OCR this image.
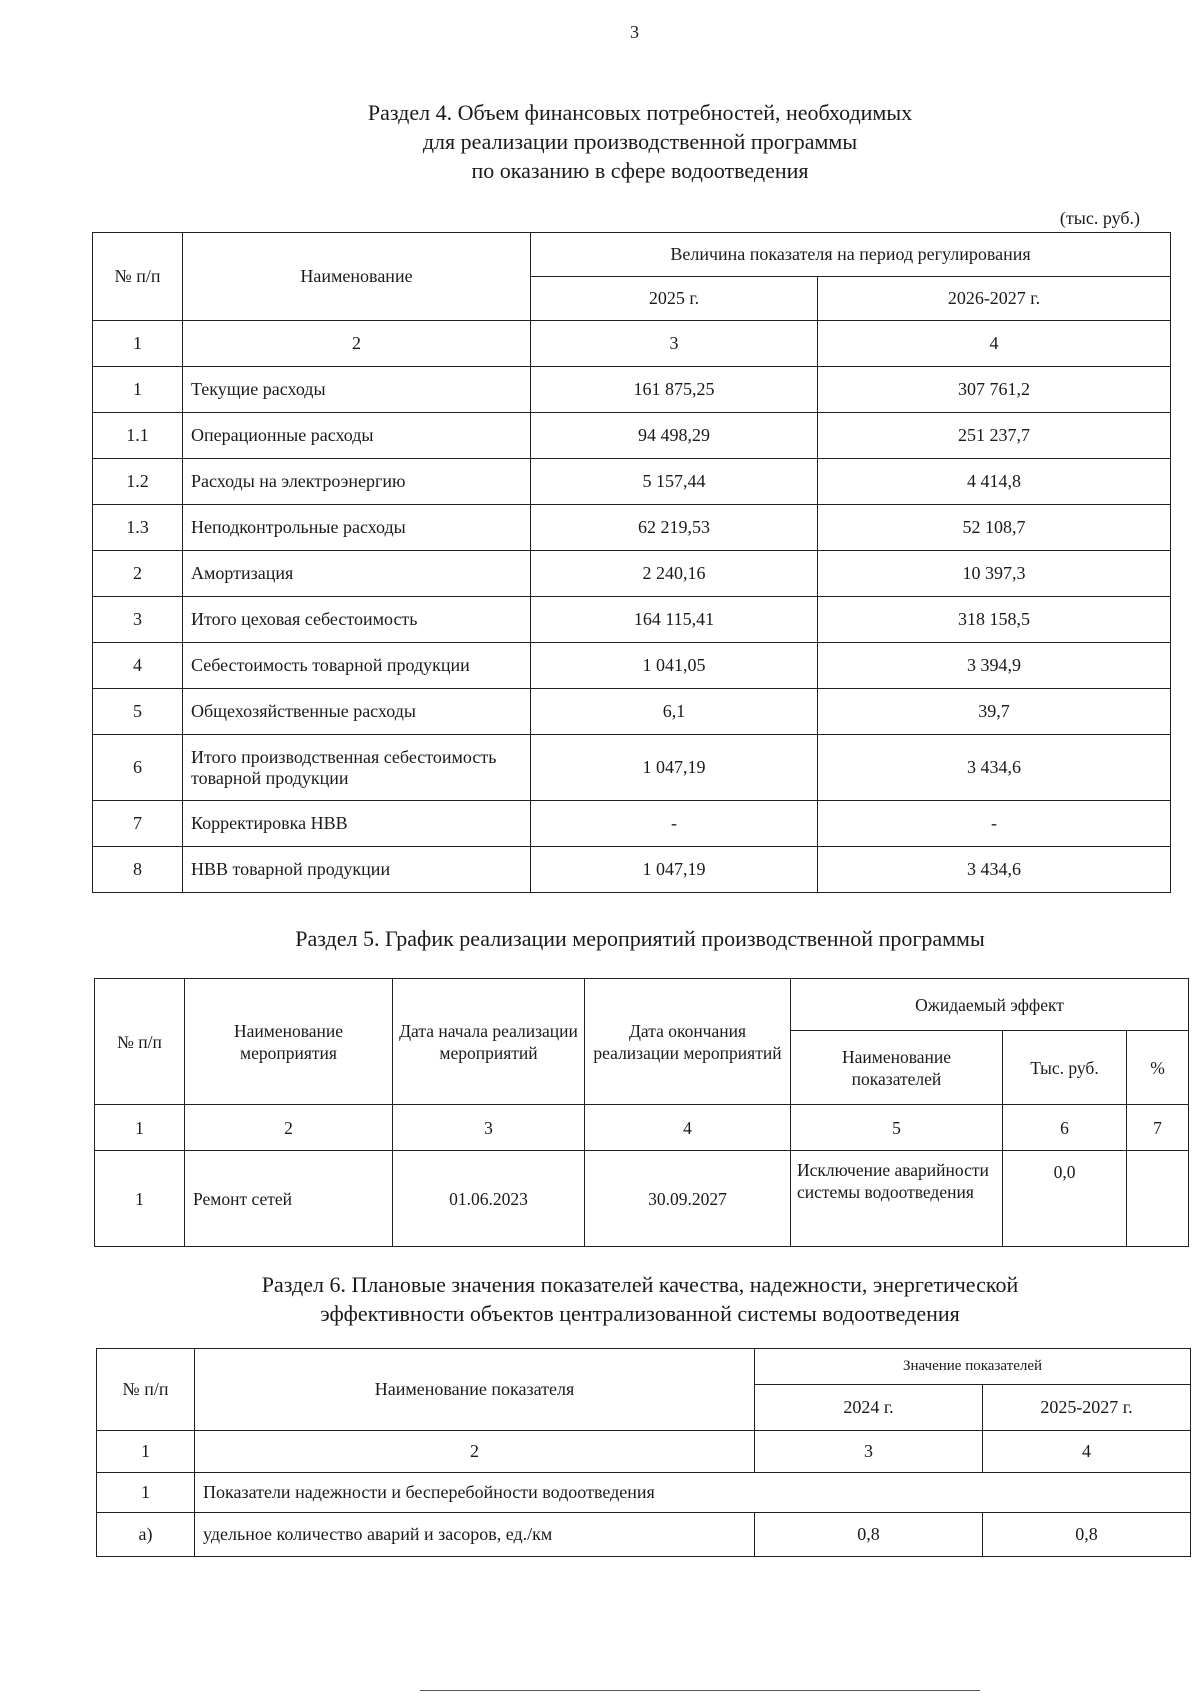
3
Раздел 4. Объем финансовых потребностей, необходимых
для реализации производственной программы
по оказанию в сфере водоотведения
(тыс. руб.)
№ п/п	Наименование	Величина показателя на период регулирования	
		2025 г.	2026-2027 г.
1	2	3	4
1	Текущие расходы	161 875,25	307 761,2
1.1	Операционные расходы	94 498,29	251 237,7
1.2	Расходы на электроэнергию	5 157,44	4 414,8
1.3	Неподконтрольные расходы	62 219,53	52 108,7
2	Амортизация	2 240,16	10 397,3
3	Итого цеховая себестоимость	164 115,41	318 158,5
4	Себестоимость товарной продукции	1 041,05	3 394,9
5	Общехозяйственные расходы	6,1	39,7
6	Итого производственная себестоимость товарной продукции	1 047,19	3 434,6
7	Корректировка НВВ	-	-
8	НВВ товарной продукции	1 047,19	3 434,6
Раздел 5. График реализации мероприятий производственной программы
№ п/п	Наименование мероприятия	Дата начала реализации мероприятий	Дата окончания реализации мероприятий	Ожидаемый эффект		
				Наименование показателей	Тыс. руб.	%
1	2	3	4	5	6	7
1	Ремонт сетей	01.06.2023	30.09.2027	Исключение аварийности системы водоотведения	0,0	
Раздел 6. Плановые значения показателей качества, надежности, энергетической
эффективности объектов централизованной системы водоотведения
№ п/п	Наименование показателя	Значение показателей	
		2024 г.	2025-2027 г.
1	2	3	4
1	Показатели надежности и бесперебойности водоотведения		
а)	удельное количество аварий и засоров, ед./км	0,8	0,8
